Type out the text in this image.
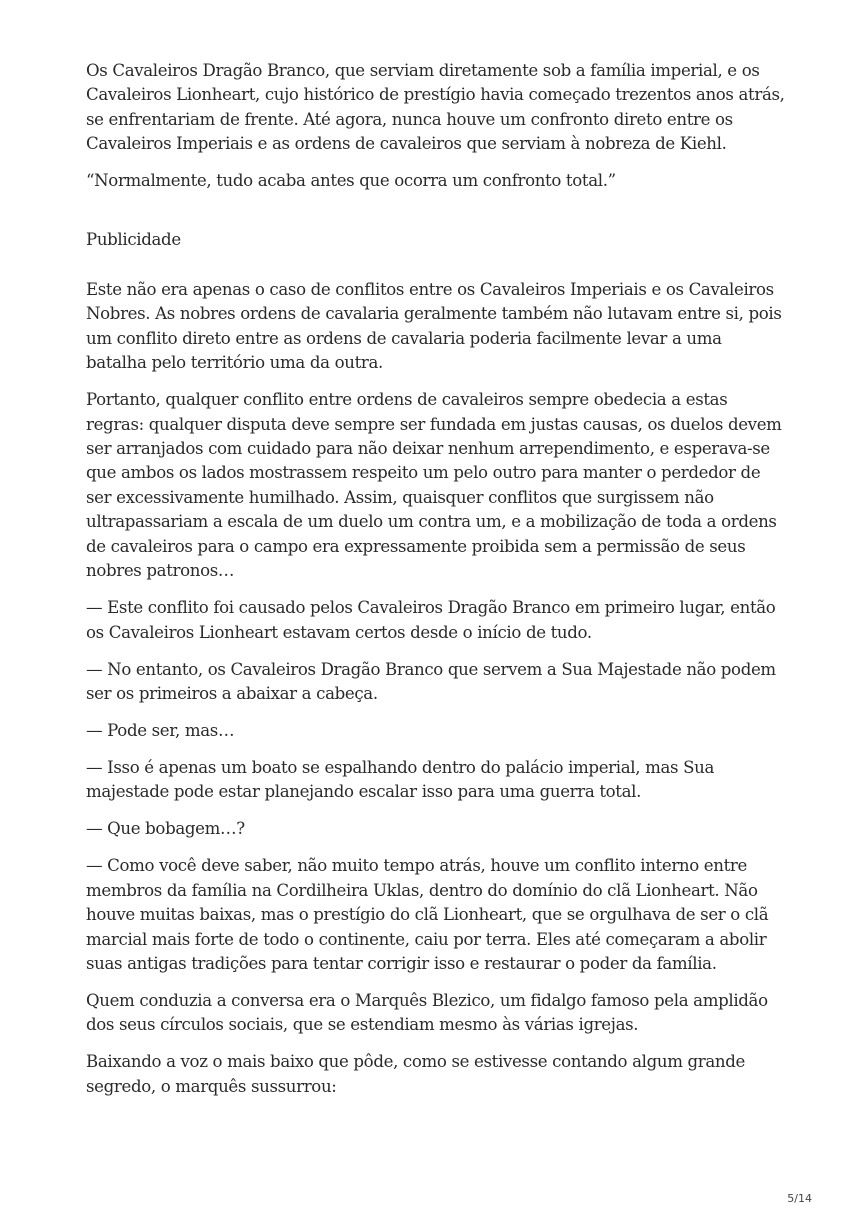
Os Cavaleiros Dragão Branco, que serviam diretamente sob a família imperial, e os Cavaleiros Lionheart, cujo histórico de prestígio havia começado trezentos anos atrás, se enfrentariam de frente. Até agora, nunca houve um confronto direto entre os Cavaleiros Imperiais e as ordens de cavaleiros que serviam à nobreza de Kiehl.

“Normalmente, tudo acaba antes que ocorra um confronto total.”

Publicidade

Este não era apenas o caso de conflitos entre os Cavaleiros Imperiais e os Cavaleiros Nobres. As nobres ordens de cavalaria geralmente também não lutavam entre si, pois um conflito direto entre as ordens de cavalaria poderia facilmente levar a uma batalha pelo território uma da outra.

Portanto, qualquer conflito entre ordens de cavaleiros sempre obedecia a estas regras: qualquer disputa deve sempre ser fundada em justas causas, os duelos devem ser arranjados com cuidado para não deixar nenhum arrependimento, e esperava-se que ambos os lados mostrassem respeito um pelo outro para manter o perdedor de ser excessivamente humilhado. Assim, quaisquer conflitos que surgissem não ultrapassariam a escala de um duelo um contra um, e a mobilização de toda a ordens de cavaleiros para o campo era expressamente proibida sem a permissão de seus nobres patronos…

— Este conflito foi causado pelos Cavaleiros Dragão Branco em primeiro lugar, então os Cavaleiros Lionheart estavam certos desde o início de tudo.

— No entanto, os Cavaleiros Dragão Branco que servem a Sua Majestade não podem ser os primeiros a abaixar a cabeça.

— Pode ser, mas…

— Isso é apenas um boato se espalhando dentro do palácio imperial, mas Sua majestade pode estar planejando escalar isso para uma guerra total.

— Que bobagem…?

— Como você deve saber, não muito tempo atrás, houve um conflito interno entre membros da família na Cordilheira Uklas, dentro do domínio do clã Lionheart. Não houve muitas baixas, mas o prestígio do clã Lionheart, que se orgulhava de ser o clã marcial mais forte de todo o continente, caiu por terra. Eles até começaram a abolir suas antigas tradições para tentar corrigir isso e restaurar o poder da família.

Quem conduzia a conversa era o Marquês Blezico, um fidalgo famoso pela amplidão dos seus círculos sociais, que se estendiam mesmo às várias igrejas.

Baixando a voz o mais baixo que pôde, como se estivesse contando algum grande segredo, o marquês sussurrou:

5/14
